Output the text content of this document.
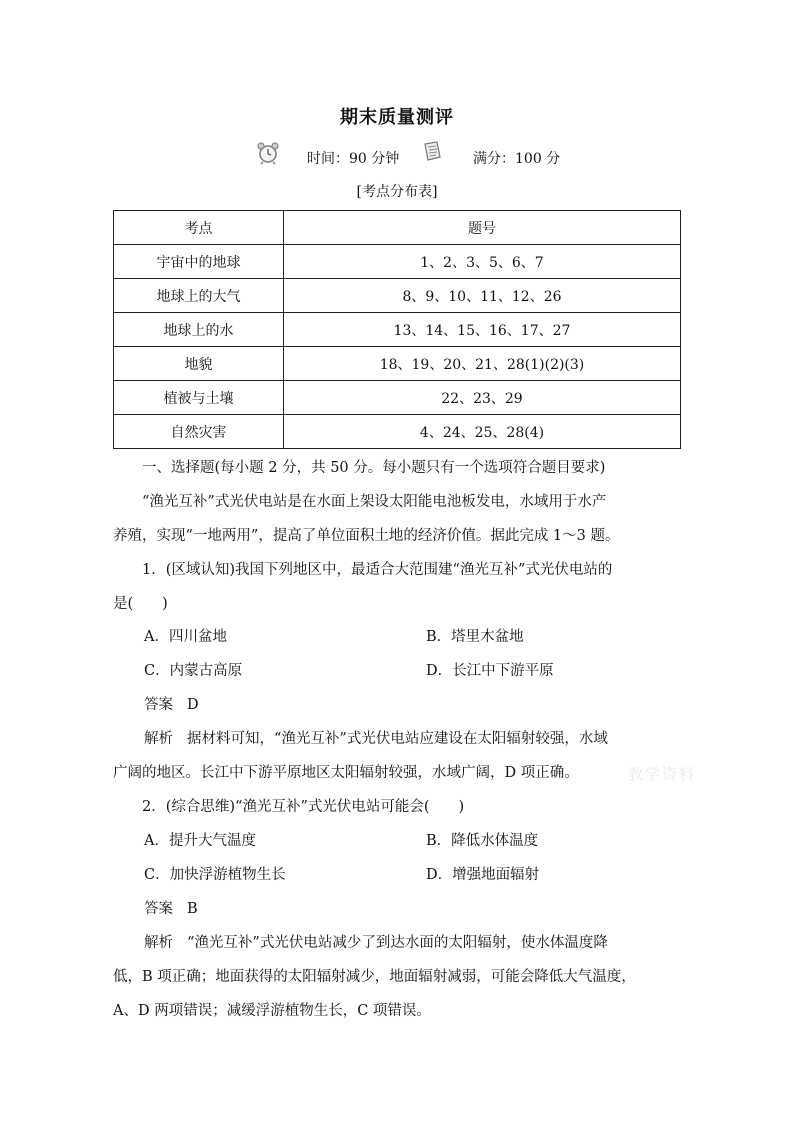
期末质量测评
时间：90 分钟	满分：100 分
[考点分布表]
考点	题号
宇宙中的地球	1、2、3、5、6、7
地球上的大气	8、9、10、11、12、26
地球上的水	13、14、15、16、17、27
地貌	18、19、20、21、28(1)(2)(3)
植被与土壤	22、23、29
自然灾害	4、24、25、28(4)
一、选择题(每小题 2 分，共 50 分。每小题只有一个选项符合题目要求)
“渔光互补”式光伏电站是在水面上架设太阳能电池板发电，水域用于水产
养殖，实现“一地两用”，提高了单位面积土地的经济价值。据此完成 1～3 题。
1．(区域认知)我国下列地区中，最适合大范围建“渔光互补”式光伏电站的
是(　　)
A．四川盆地	B．塔里木盆地
C．内蒙古高原	D．长江中下游平原
答案 D
解析 据材料可知，“渔光互补”式光伏电站应建设在太阳辐射较强，水域
广阔的地区。长江中下游平原地区太阳辐射较强，水域广阔，D 项正确。	教学资料
2．(综合思维)“渔光互补”式光伏电站可能会(　　)
A．提升大气温度	B．降低水体温度
C．加快浮游植物生长	D．增强地面辐射
答案 B
解析 “渔光互补”式光伏电站减少了到达水面的太阳辐射，使水体温度降
低，B 项正确；地面获得的太阳辐射减少，地面辐射减弱，可能会降低大气温度，
A、D 两项错误；减缓浮游植物生长，C 项错误。
